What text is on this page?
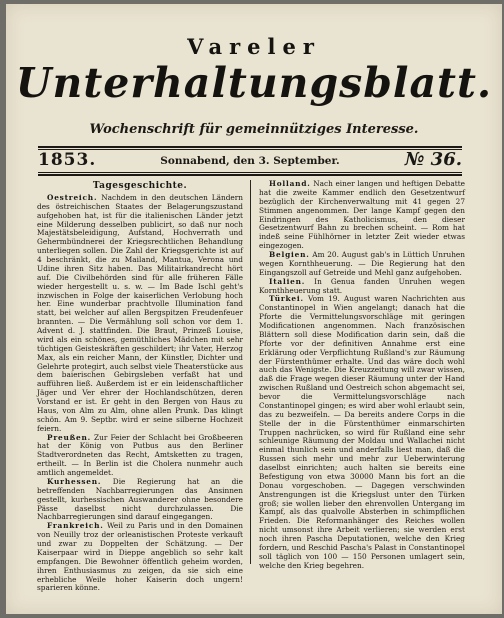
Vareler
Unterhaltungsblatt.
Wochenschrift für gemeinnütziges Interesse.
1853.	Sonnabend, den 3. September.	№ 36.
Tagesgeschichte.

Oestreich. Nachdem in den deutschen Ländern des östreichischen Staates der Belagerungszustand aufgehoben hat, ist für die italienischen Länder jetzt eine Milderung desselben publicirt, so daß nur noch Majestätsbeleidigung, Aufstand, Hochverrath und Gehermbündnerei der Kriegsrechtlichen Behandlung unterliegen sollen. Die Zahl der Kriegsgerichte ist auf 4 beschränkt, die zu Mailand, Mantua, Verona und Udine ihren Sitz haben. Das Militairkandrecht hört auf. Die Civilbehörden sind für alle früheren Fälle wieder hergestellt u. s. w. — Im Bade Ischl geht's inzwischen in Folge der kaiserlichen Verlobung hoch her. Eine wunderbar prachtvolle Illumination fand statt, bei welcher auf allen Bergspitzen Freudenfeuer brannten. — Die Vermählung soll schon vor dem 1. Advent d. J. stattfinden. Die Braut, Prinzeß Louise, wird als ein schönes, gemüthliches Mädchen mit sehr tüchtigen Geisteskräften geschildert; ihr Vater, Herzog Max, als ein reicher Mann, der Künstler, Dichter und Gelehrte protegirt, auch selbst viele Theaterstücke aus dem baierischen Gebirgsleben verfaßt hat und aufführen ließ. Außerdem ist er ein leidenschaftlicher Jäger und Ver ehrer der Hochlandschützen, deren Vorstand er ist. Er geht in den Bergen von Haus zu Haus, von Alm zu Alm, ohne allen Prunk. Das klingt schön. Am 9. Septbr. wird er seine silberne Hochzeit feiern.

Preußen. Zur Feier der Schlacht bei Großbeeren hat der König von Putbus aus den Berliner Stadtverordneten das Recht, Amtsketten zu tragen, ertheilt. — In Berlin ist die Cholera nunmehr auch amtlich angemeldet.

Kurhessen. Die Regierung hat an die betreffenden Nachbarregierungen das Ansinnen gestellt, kurhessischen Auswanderer ohne besondere Pässe daselbst nicht durchzulassen. Die Nachbarregierungen sind darauf eingegangen.

Frankreich. Weil zu Paris und in den Domainen von Neuilly troz der orleanistischen Proteste verkauft und zwar zu Doppelten der Schätzung. — Der Kaiserpaar wird in Dieppe angeblich so sehr kalt empfangen. Die Bewohner öffentlich geheim worden, ihren Enthusiasmus zu zeigen, da sie sich eine erhebliche Weile hoher Kaiserin doch ungern! sparieren könne.

Holland. Nach einer langen und heftigen Debatte hat die zweite Kammer endlich den Gesetzentwurf bezüglich der Kirchenverwaltung mit 41 gegen 27 Stimmen angenommen. Der lange Kampf gegen den Eindringen des Katholicismus, den dieser Gesetzentwurf Bahn zu brechen scheint. — Rom hat indeß seine Fühlhörner in letzter Zeit wieder etwas eingezogen.

Belgien. Am 20. August gab's in Lüttich Unruhen wegen Kornthheuerung. — Die Regierung hat den Eingangszoll auf Getreide und Mehl ganz aufgehoben.

Italien. In Genua fanden Unruhen wegen Kornthheuerung statt.

Türkei. Vom 19. August waren Nachrichten aus Constantinopel in Wien angelangt; danach hat die Pforte die Vermittelungsvorschläge mit geringen Modificationen angenommen. Nach französischen Blättern soll diese Modification darin sein, daß die Pforte vor der definitiven Annahme erst eine Erklärung oder Verpflichtung Rußland's zur Räumung der Fürstenthümer erhalte. Und das wäre doch wohl auch das Wenigste. Die Kreuzzeitung will zwar wissen, daß die Frage wegen dieser Räumung unter der Hand zwischen Rußland und Oestreich schon abgemacht sei, bevor die Vermittelungsvorschläge nach Constantinopel gingen; es wird aber wohl erlaubt sein, das zu bezweifeln. — Da bereits andere Corps in die Stelle der in die Fürstenthümer einmarschirten Truppen nachrücken, so wird für Rußland eine sehr schleunige Räumung der Moldau und Wallachei nicht einmal thunlich sein und anderfalls liest man, daß die Russen sich mehr und mehr zur Ueberwinterung daselbst einrichten; auch halten sie bereits eine Befestigung von etwa 30000 Mann bis fort an die Donau vorgeschoben. — Dagegen verschwinden Anstrengungen ist die Kriegslust unter den Türken groß; sie wollen lieber den ehrenvollen Untergang im Kampf, als das qualvolle Absterben in schimpflichen Frieden. Die Reformanhänger des Reiches wollen nicht umsonst ihre Arbeit verlieren; sie werden erst noch ihren Pascha Deputationen, welche den Krieg fordern, und Reschid Pascha's Palast in Constantinopel soll täglich von 100 — 150 Personen umlagert sein, welche den Krieg begehren.
